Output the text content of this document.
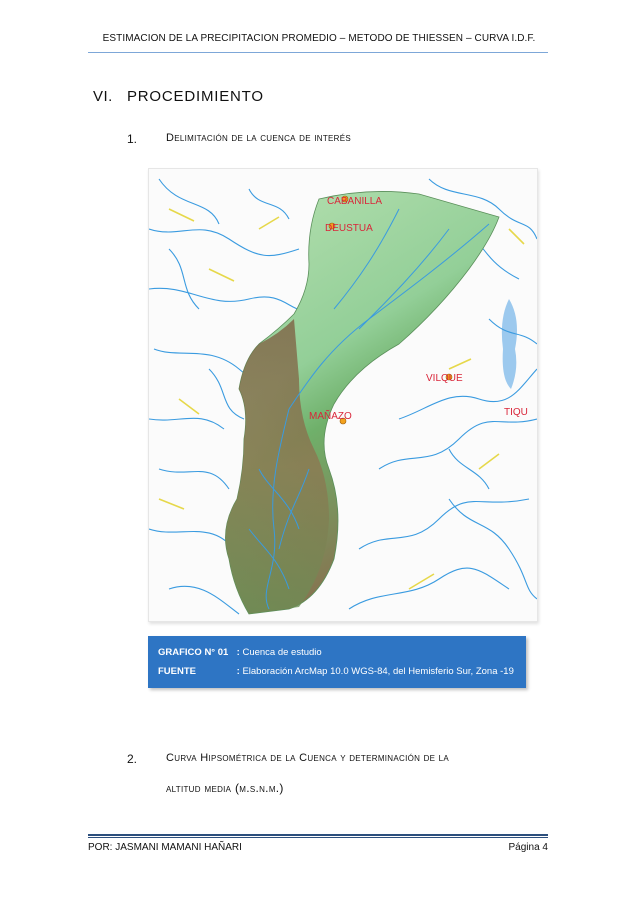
ESTIMACION DE LA PRECIPITACION PROMEDIO – METODO DE THIESSEN – CURVA I.D.F.
VI. PROCEDIMIENTO
1.	Delimitación de la cuenca de interés
CABANILLA
DEUSTUA
VILQUE
MAÑAZO	TIQU
GRAFICO N° 01 : Cuenca de estudio
FUENTE	: Elaboración ArcMap 10.0 WGS-84, del Hemisferio Sur, Zona -19
2.	Curva Hipsométrica de la Cuenca y determinación de la
altitud media (m.s.n.m.)
POR: JASMANI MAMANI HAÑARI	Página 4
